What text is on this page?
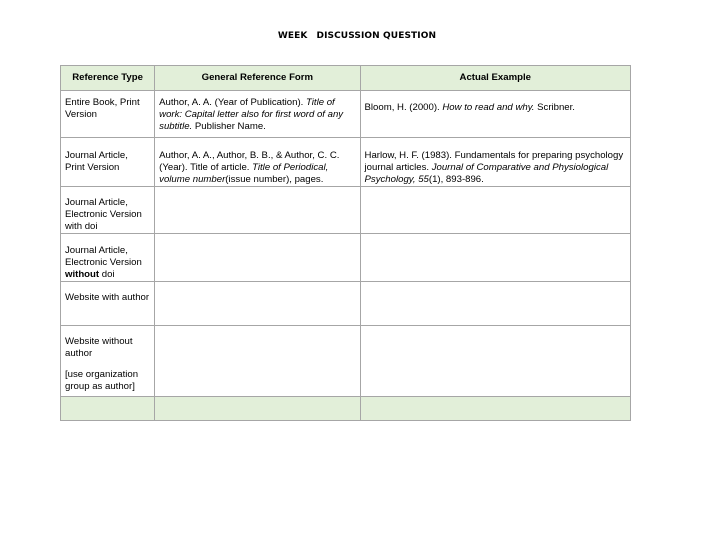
WEEK DISCUSSION QUESTION
Reference Type	General Reference Form	Actual Example

Entire Book, Print Version	Author, A. A. (Year of Publication). Title of work: Capital letter also for first word of any subtitle. Publisher Name.	Bloom, H. (2000). How to read and why. Scribner.

Journal Article, Print Version	Author, A. A., Author, B. B., & Author, C. C. (Year). Title of article. Title of Periodical, volume number(issue number), pages.	Harlow, H. F. (1983). Fundamentals for preparing psychology journal articles. Journal of Comparative and Physiological Psychology, 55(1), 893-896.

Journal Article, Electronic Version with doi		

Journal Article, Electronic Version without doi		

Website with author		

Website without author
[use organization group as author]		
